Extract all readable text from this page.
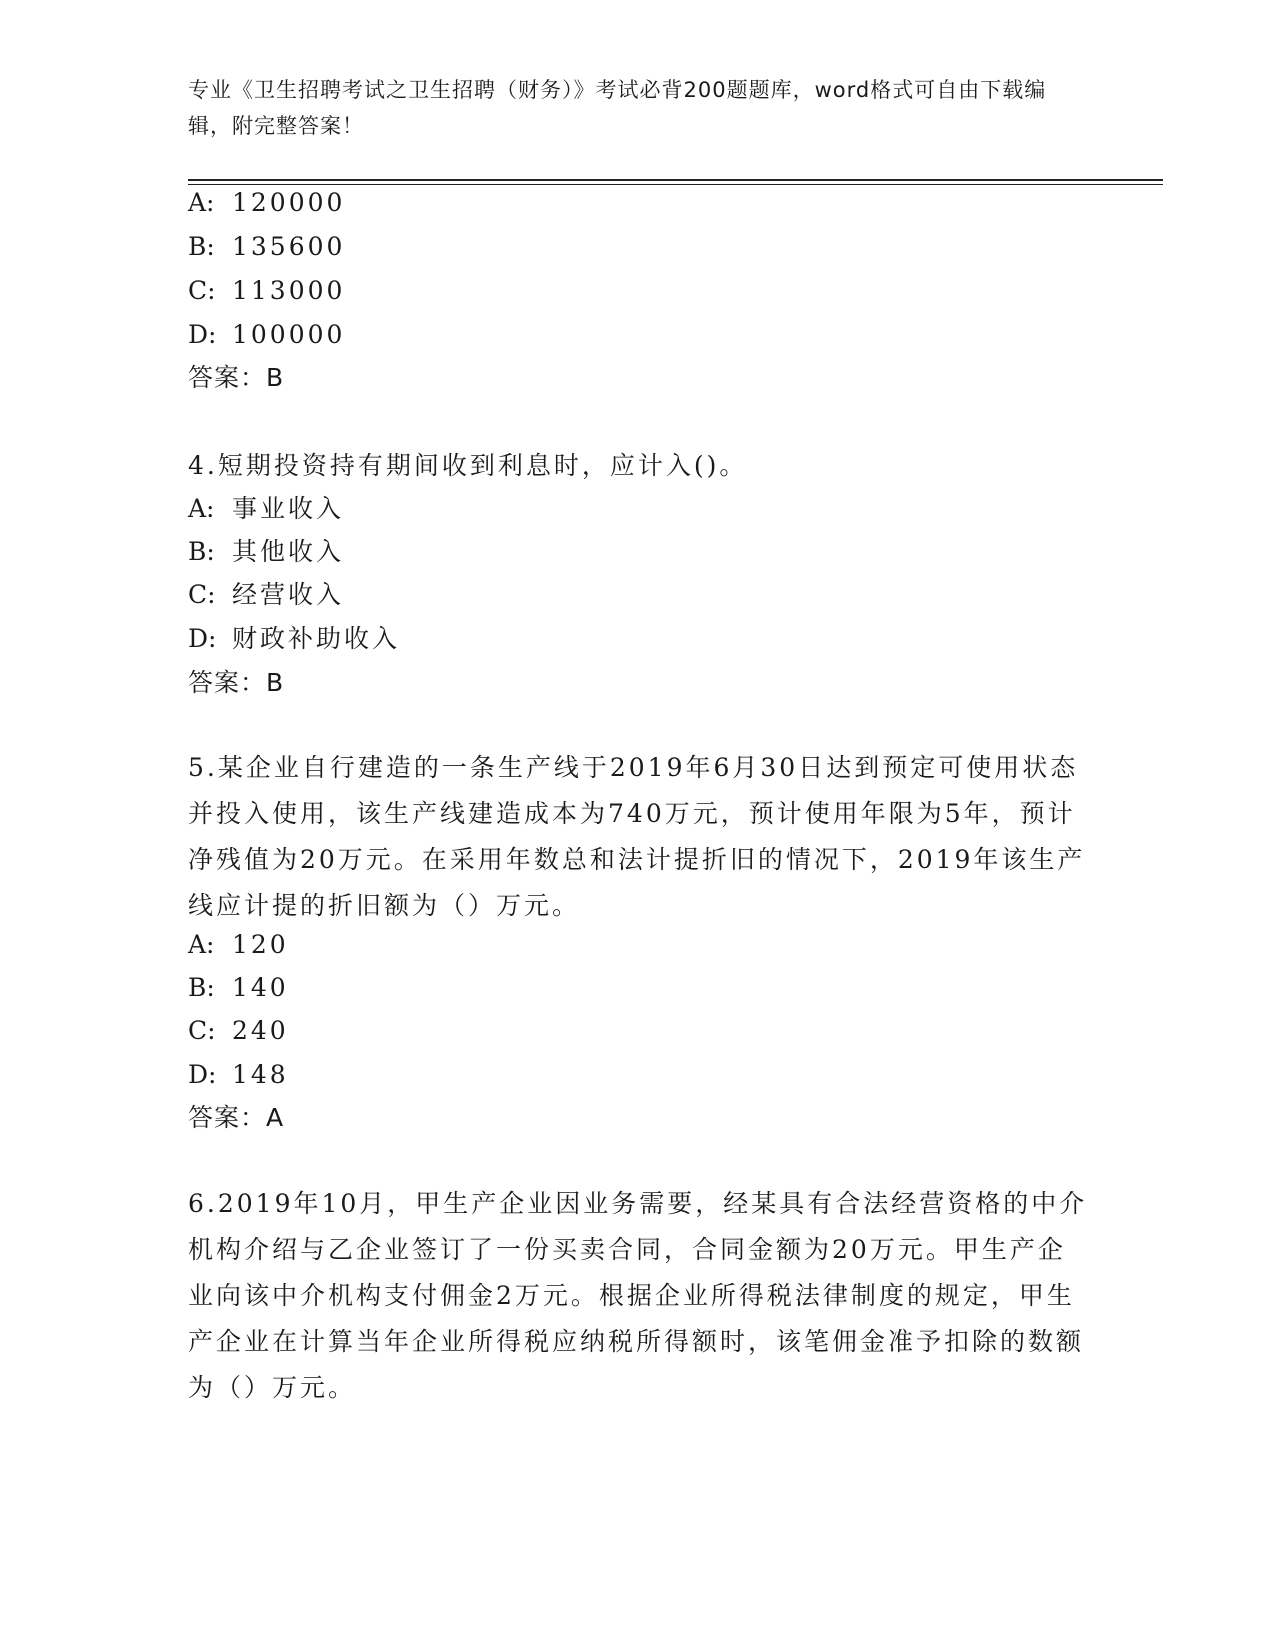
专业《卫生招聘考试之卫生招聘（财务）》考试必背200题题库，word格式可自由下载编辑，附完整答案！
A: 120000
B: 135600
C: 113000
D: 100000
答案：B
4.短期投资持有期间收到利息时，应计入()。
A: 事业收入
B: 其他收入
C: 经营收入
D: 财政补助收入
答案：B
5.某企业自行建造的一条生产线于2019年6月30日达到预定可使用状态并投入使用，该生产线建造成本为740万元，预计使用年限为5年，预计净残值为20万元。在采用年数总和法计提折旧的情况下，2019年该生产线应计提的折旧额为（）万元。
A: 120
B: 140
C: 240
D: 148
答案：A
6.2019年10月，甲生产企业因业务需要，经某具有合法经营资格的中介机构介绍与乙企业签订了一份买卖合同，合同金额为20万元。甲生产企业向该中介机构支付佣金2万元。根据企业所得税法律制度的规定，甲生产企业在计算当年企业所得税应纳税所得额时，该笔佣金准予扣除的数额为（）万元。
